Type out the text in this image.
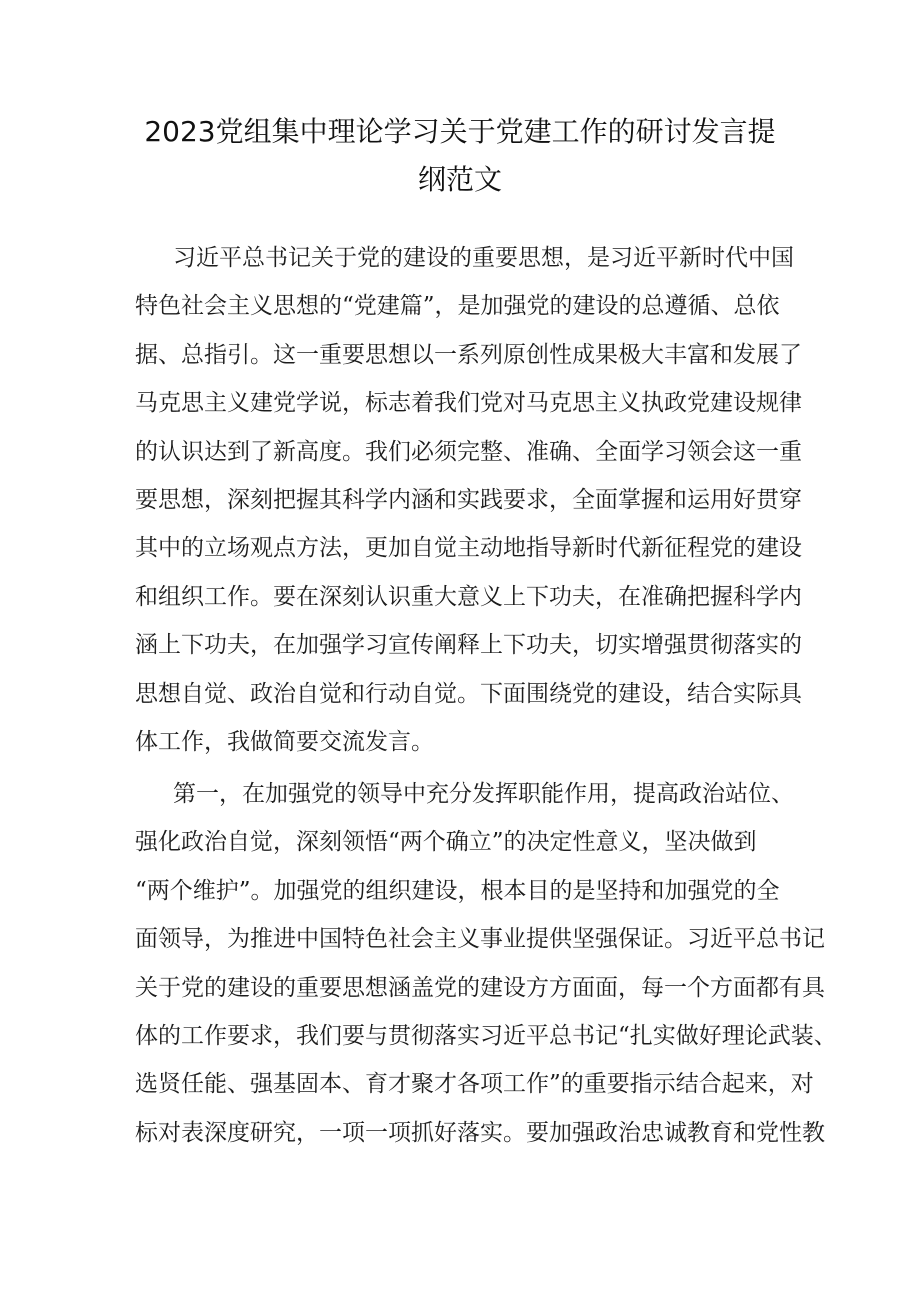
2023党组集中理论学习关于党建工作的研讨发言提
纲范文
习近平总书记关于党的建设的重要思想，是习近平新时代中国
特色社会主义思想的“党建篇”，是加强党的建设的总遵循、总依
据、总指引。这一重要思想以一系列原创性成果极大丰富和发展了
马克思主义建党学说，标志着我们党对马克思主义执政党建设规律
的认识达到了新高度。我们必须完整、准确、全面学习领会这一重
要思想，深刻把握其科学内涵和实践要求，全面掌握和运用好贯穿
其中的立场观点方法，更加自觉主动地指导新时代新征程党的建设
和组织工作。要在深刻认识重大意义上下功夫，在准确把握科学内
涵上下功夫，在加强学习宣传阐释上下功夫，切实增强贯彻落实的
思想自觉、政治自觉和行动自觉。下面围绕党的建设，结合实际具
体工作，我做简要交流发言。
第一，在加强党的领导中充分发挥职能作用，提高政治站位、
强化政治自觉，深刻领悟“两个确立”的决定性意义，坚决做到
“两个维护”。加强党的组织建设，根本目的是坚持和加强党的全
面领导，为推进中国特色社会主义事业提供坚强保证。习近平总书记
关于党的建设的重要思想涵盖党的建设方方面面，每一个方面都有具
体的工作要求，我们要与贯彻落实习近平总书记“扎实做好理论武装、
选贤任能、强基固本、育才聚才各项工作”的重要指示结合起来，对
标对表深度研究，一项一项抓好落实。要加强政治忠诚教育和党性教
